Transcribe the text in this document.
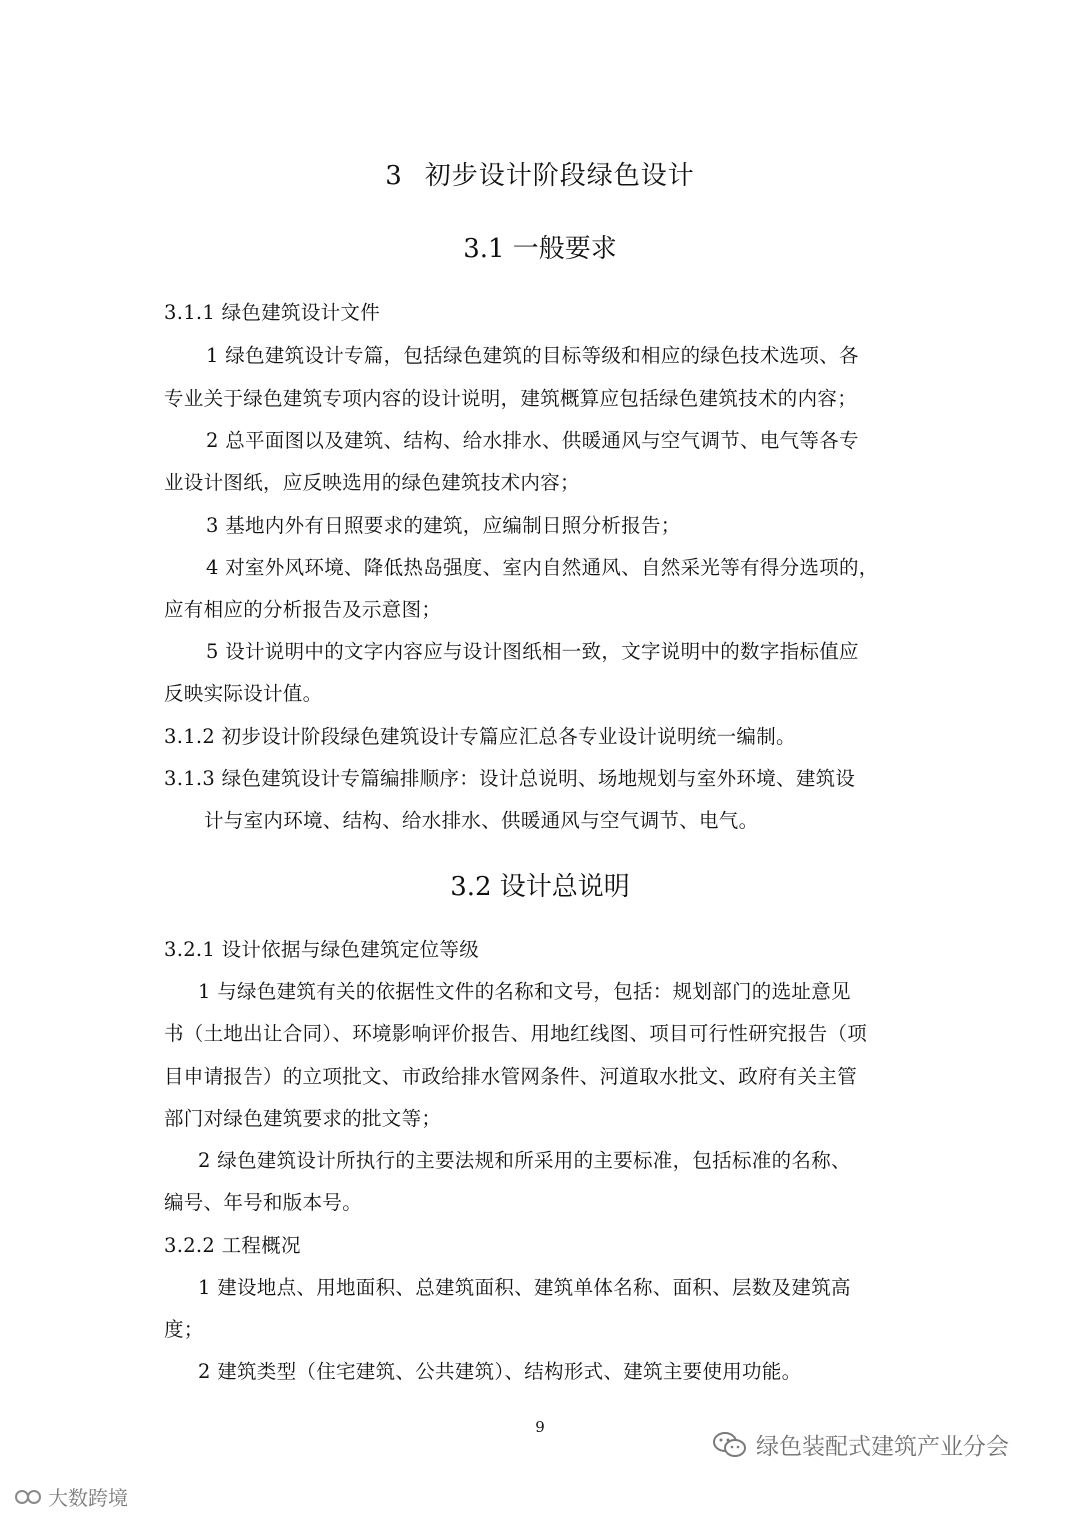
3 初步设计阶段绿色设计
3.1 一般要求
3.1.1 绿色建筑设计文件
1 绿色建筑设计专篇，包括绿色建筑的目标等级和相应的绿色技术选项、各
专业关于绿色建筑专项内容的设计说明，建筑概算应包括绿色建筑技术的内容；
2 总平面图以及建筑、结构、给水排水、供暖通风与空气调节、电气等各专
业设计图纸，应反映选用的绿色建筑技术内容；
3 基地内外有日照要求的建筑，应编制日照分析报告；
4 对室外风环境、降低热岛强度、室内自然通风、自然采光等有得分选项的，
应有相应的分析报告及示意图；
5 设计说明中的文字内容应与设计图纸相一致，文字说明中的数字指标值应
反映实际设计值。
3.1.2 初步设计阶段绿色建筑设计专篇应汇总各专业设计说明统一编制。
3.1.3 绿色建筑设计专篇编排顺序：设计总说明、场地规划与室外环境、建筑设
计与室内环境、结构、给水排水、供暖通风与空气调节、电气。
3.2 设计总说明
3.2.1 设计依据与绿色建筑定位等级
1 与绿色建筑有关的依据性文件的名称和文号，包括：规划部门的选址意见
书（土地出让合同）、环境影响评价报告、用地红线图、项目可行性研究报告（项
目申请报告）的立项批文、市政给排水管网条件、河道取水批文、政府有关主管
部门对绿色建筑要求的批文等；
2 绿色建筑设计所执行的主要法规和所采用的主要标准，包括标准的名称、
编号、年号和版本号。
3.2.2 工程概况
1 建设地点、用地面积、总建筑面积、建筑单体名称、面积、层数及建筑高
度；
2 建筑类型（住宅建筑、公共建筑）、结构形式、建筑主要使用功能。
9
绿色装配式建筑产业分会
大数跨境
